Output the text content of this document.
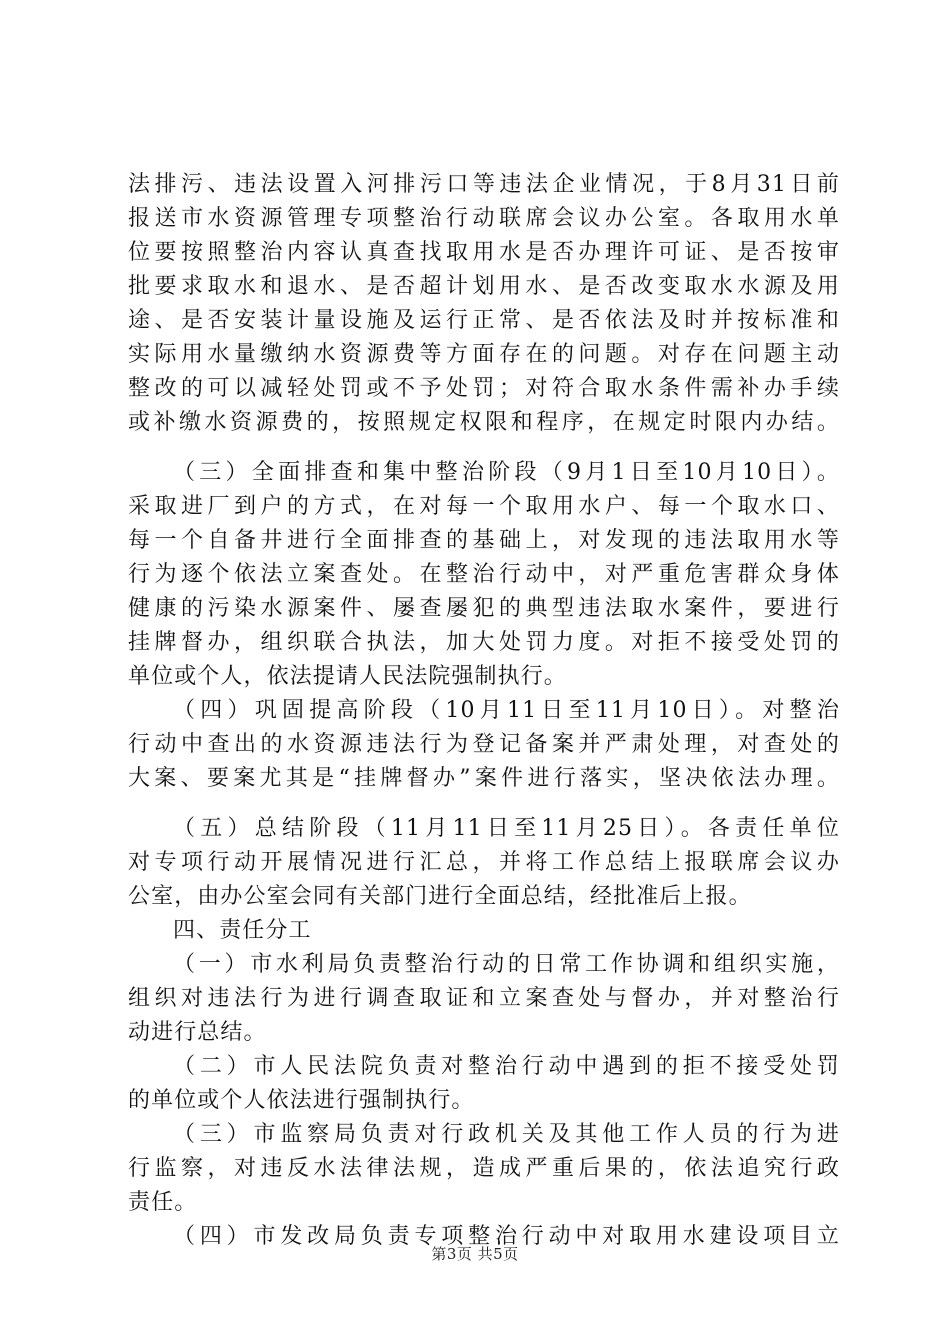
法排污、违法设置入河排污口等违法企业情况，于8月31日前
报送市水资源管理专项整治行动联席会议办公室。各取用水单
位要按照整治内容认真查找取用水是否办理许可证、是否按审
批要求取水和退水、是否超计划用水、是否改变取水水源及用
途、是否安装计量设施及运行正常、是否依法及时并按标准和
实际用水量缴纳水资源费等方面存在的问题。对存在问题主动
整改的可以减轻处罚或不予处罚；对符合取水条件需补办手续
或补缴水资源费的，按照规定权限和程序，在规定时限内办结。
（三）全面排查和集中整治阶段（9月1日至10月10日）。
采取进厂到户的方式，在对每一个取用水户、每一个取水口、
每一个自备井进行全面排查的基础上，对发现的违法取用水等
行为逐个依法立案查处。在整治行动中，对严重危害群众身体
健康的污染水源案件、屡查屡犯的典型违法取水案件，要进行
挂牌督办，组织联合执法，加大处罚力度。对拒不接受处罚的
单位或个人，依法提请人民法院强制执行。
（四）巩固提高阶段（10月11日至11月10日）。对整治
行动中查出的水资源违法行为登记备案并严肃处理，对查处的
大案、要案尤其是“挂牌督办”案件进行落实，坚决依法办理。
（五）总结阶段（11月11日至11月25日）。各责任单位
对专项行动开展情况进行汇总，并将工作总结上报联席会议办
公室，由办公室会同有关部门进行全面总结，经批准后上报。
四、责任分工
（一）市水利局负责整治行动的日常工作协调和组织实施，
组织对违法行为进行调查取证和立案查处与督办，并对整治行
动进行总结。
（二）市人民法院负责对整治行动中遇到的拒不接受处罚
的单位或个人依法进行强制执行。
（三）市监察局负责对行政机关及其他工作人员的行为进
行监察，对违反水法律法规，造成严重后果的，依法追究行政
责任。
（四）市发改局负责专项整治行动中对取用水建设项目立
第3页 共5页
